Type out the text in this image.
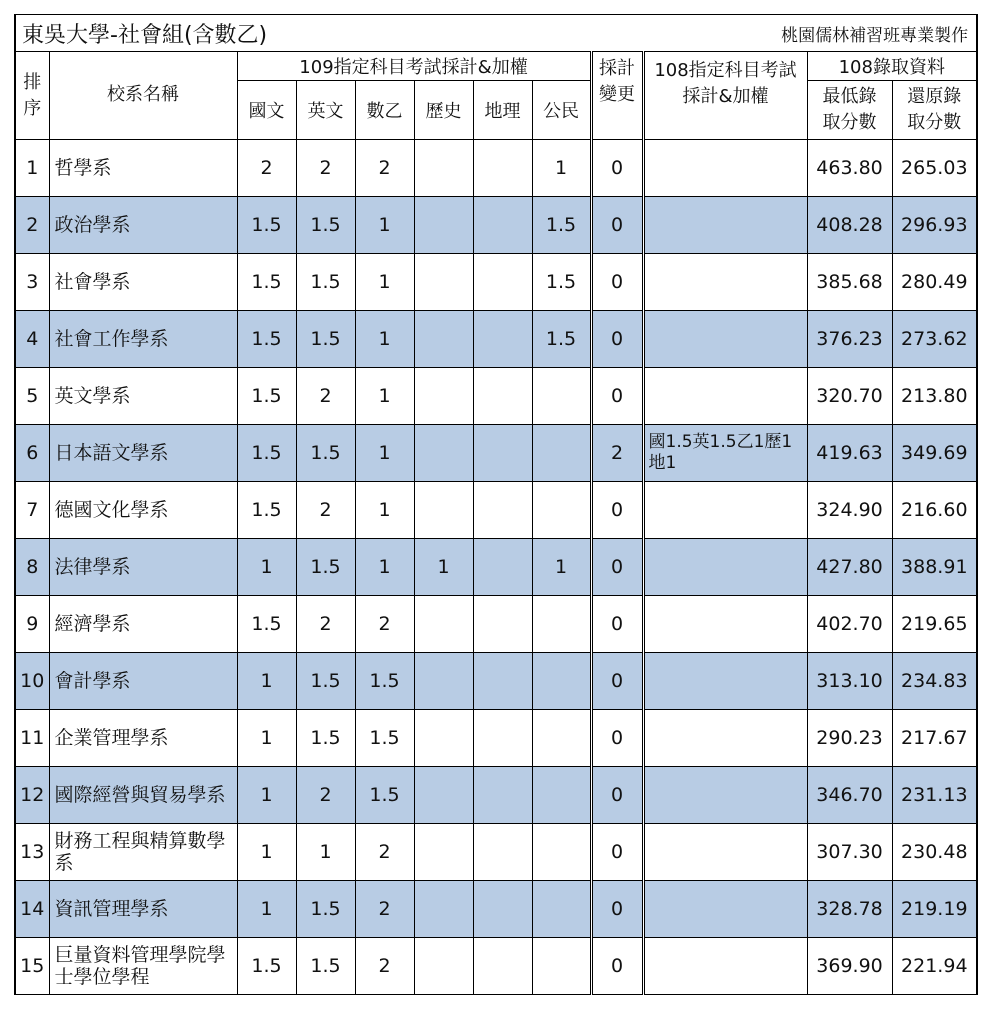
東吳大學-社會組(含數乙)						桃園儒林補習班專業製作					
排序	校系名稱	109指定科目考試採計&加權						採計變更	108指定科目考試採計&加權	108錄取資料	
		國文	英文	數乙	歷史	地理	公民			最低錄取分數	還原錄取分數
1	哲學系	2	2	2			1	0		463.80	265.03
2	政治學系	1.5	1.5	1			1.5	0		408.28	296.93
3	社會學系	1.5	1.5	1			1.5	0		385.68	280.49
4	社會工作學系	1.5	1.5	1			1.5	0		376.23	273.62
5	英文學系	1.5	2	1				0		320.70	213.80
6	日本語文學系	1.5	1.5	1				2	國1.5英1.5乙1歷1地1	419.63	349.69
7	德國文化學系	1.5	2	1				0		324.90	216.60
8	法律學系	1	1.5	1	1		1	0		427.80	388.91
9	經濟學系	1.5	2	2				0		402.70	219.65
10	會計學系	1	1.5	1.5				0		313.10	234.83
11	企業管理學系	1	1.5	1.5				0		290.23	217.67
12	國際經營與貿易學系	1	2	1.5				0		346.70	231.13
13	財務工程與精算數學系	1	1	2				0		307.30	230.48
14	資訊管理學系	1	1.5	2				0		328.78	219.19
15	巨量資料管理學院學士學位學程	1.5	1.5	2				0		369.90	221.94
